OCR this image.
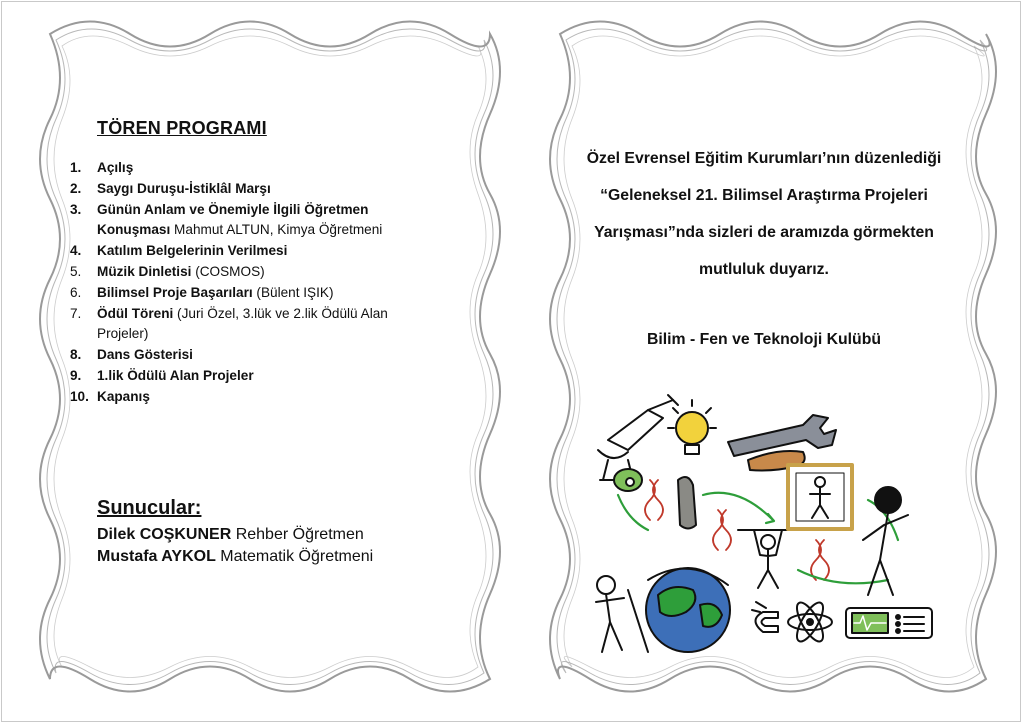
TÖREN PROGRAMI
1.	Açılış
2.	Saygı Duruşu-İstiklâl Marşı
3.	Günün Anlam ve Önemiyle İlgili Öğretmen
Konuşması Mahmut ALTUN, Kimya Öğretmeni
4.	Katılım Belgelerinin Verilmesi
5.	Müzik Dinletisi (COSMOS)
6.	Bilimsel Proje Başarıları (Bülent IŞIK)
7.	Ödül Töreni (Juri Özel, 3.lük ve 2.lik Ödülü Alan Projeler)
8.	Dans Gösterisi
9.	1.lik Ödülü Alan Projeler
10. Kapanış
Sunucular:
Dilek COŞKUNER Rehber Öğretmen
Mustafa AYKOL Matematik Öğretmeni

Özel Evrensel Eğitim Kurumları’nın düzenlediği

“Geleneksel 21. Bilimsel Araştırma Projeleri

Yarışması”nda sizleri de aramızda görmekten

mutluluk duyarız.

Bilim - Fen ve Teknoloji Kulübü
